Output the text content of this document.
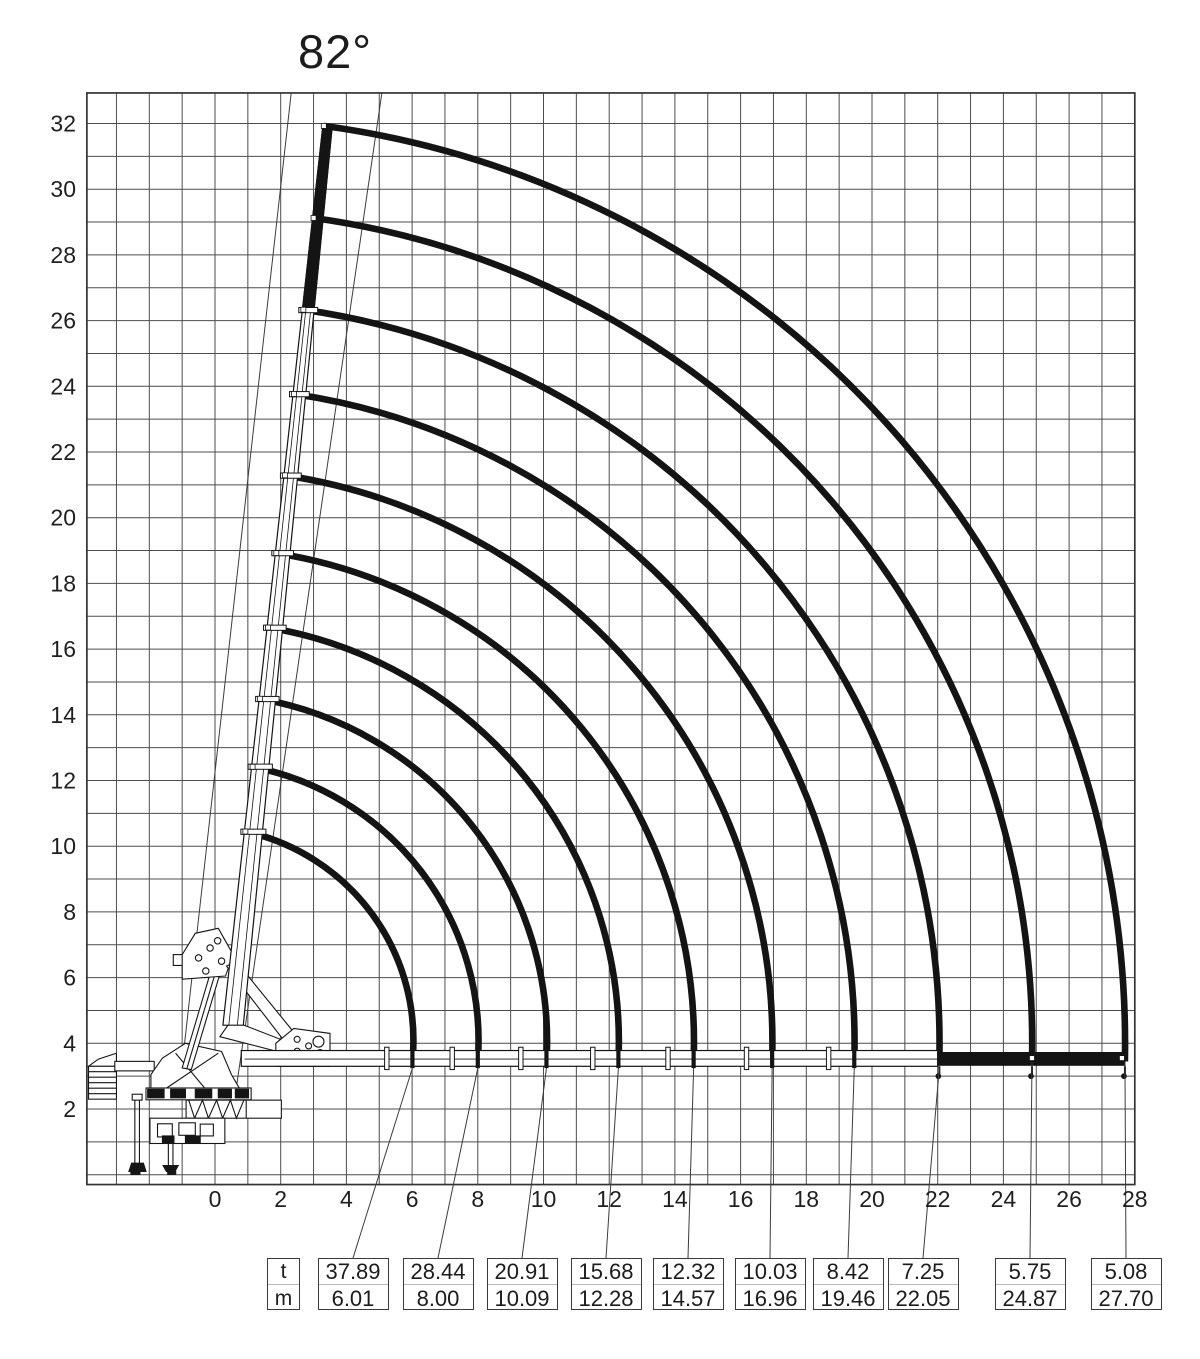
0 2 4 6 8 10 12 14 16 18 20 22 24 26 28
2
4
6
8
10
12
14
16
18
20
22
24
26
28
30
32
82°
t
m
37.89
6.01
28.44
8.00
20.91
10.09
15.68
12.28
12.32
14.57
10.03
16.96
8.42
19.46
7.25
22.05
5.75
24.87
5.08
27.70
